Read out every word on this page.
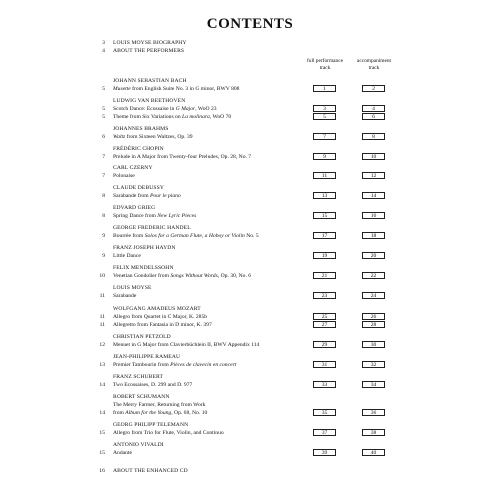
CONTENTS
3 LOUIS MOYSE BIOGRAPHY
4 ABOUT THE PERFORMERS
full performance
track
accompaniment
track
JOHANN SEBASTIAN BACH
5 Musette from English Suite No. 3 in G minor, BWV 808	1	2
LUDWIG VAN BEETHOVEN
5 Scotch Dance: Ecossaise in G Major, WoO 23	3	4
5 Theme from Six Variations on La molinara, WoO 70	5	6
JOHANNES BRAHMS
6 Waltz from Sixteen Waltzes, Op. 39	7	8
FRÉDÉRIC CHOPIN
7 Prelude in A Major from Twenty-four Preludes, Op. 28, No. 7	9	10
CARL CZERNY
7 Polonaise	11	12
CLAUDE DEBUSSY
8 Sarabande from Pour le piano	13	14
EDVARD GRIEG
8 Spring Dance from New Lyric Pieces	15	16
GEORGE FREDERIC HANDEL
9 Bourrée from Solos for a German Flute, a Hoboy or Violin No. 5	17	18
FRANZ JOSEPH HAYDN
9 Little Dance	19	20
FELIX MENDELSSOHN
10 Venetian Gondolier from Songs Without Words, Op. 30, No. 6	21	22
LOUIS MOYSE
11 Sarabande	23	24
WOLFGANG AMADEUS MOZART
11 Allegro from Quartet in C Major, K. 285b	25	26
11 Allegretto from Fantasia in D minor, K. 397	27	28
CHRISTIAN PETZOLD
12 Menuet in G Major from Clavierbüchlein II, BWV Appendix 114	29	30
JEAN-PHILIPPE RAMEAU
13 Premier Tambourin from Pièces de clavecin en concert	31	32
FRANZ SCHUBERT
14 Two Ecossaises, D. 299 and D. 977	33	34
ROBERT SCHUMANN
The Merry Farmer, Returning from Work
14 from Album for the Young, Op. 68, No. 10	35	36
GEORG PHILIPP TELEMANN
15 Allegro from Trio for Flute, Violin, and Continuo	37	38
ANTONIO VIVALDI
15 Andante	39	40
16 ABOUT THE ENHANCED CD
